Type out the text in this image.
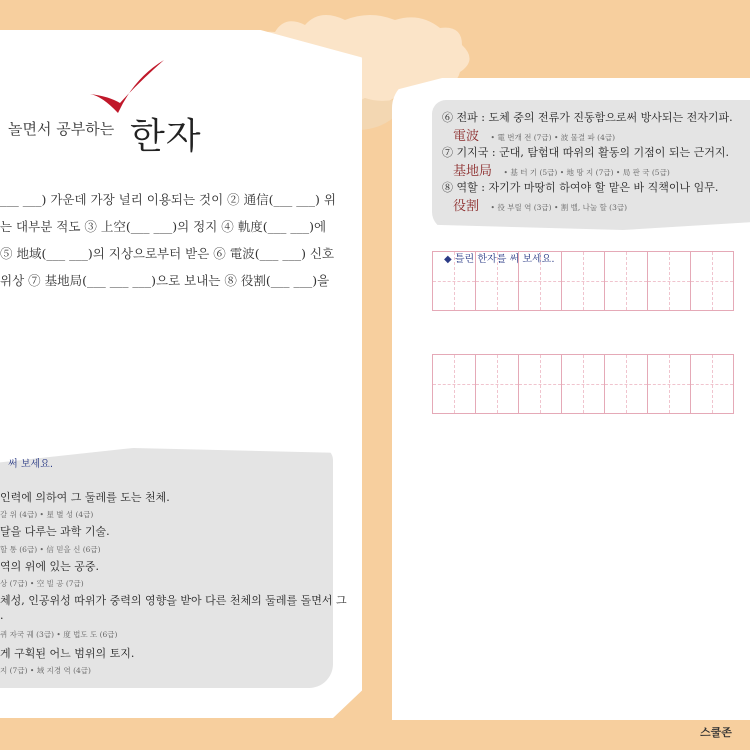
놀면서 공부하는 한자
___ ___) 가운데 가장 널리 이용되는 것이 ② 通信(___ ___) 위
는 대부분 적도 ③ 上空(___ ___)의 정지 ④ 軌度(___ ___)에
⑤ 地域(___ ___)의 지상으로부터 받은 ⑥ 電波(___ ___) 신호
위상 ⑦ 基地局(___ ___ ___)으로 보내는 ⑧ 役割(___ ___)을
써 보세요.
인력에 의하여 그 둘레를 도는 천체.
갈 위 (4급) • 星 별 성 (4급)
달을 다루는 과학 기술.
할 통 (6급) • 信 믿을 신 (6급)
역의 위에 있는 공중.
상 (7급) • 空 빌 공 (7급)
체성, 인공위성 따위가 중력의 영향을 받아 다른 천체의 둘레를 돌면서 그
.
퀴 자국 궤 (3급) • 度 법도 도 (6급)
게 구획된 어느 범위의 토지.
지 (7급) • 域 지경 역 (4급)
⑥ 전파 : 도체 중의 전류가 진동함으로써 방사되는 전자기파.
電波 • 電 번개 전 (7급) • 波 물결 파 (4급)
⑦ 기지국 : 군대, 탐험대 따위의 활동의 기점이 되는 근거지.
基地局 • 基 터 기 (5급) • 地 땅 지 (7급) • 局 판 국 (5급)
⑧ 역할 : 자기가 마땅히 하여야 할 맡은 바 직책이나 임무.
役割 • 役 부릴 역 (3급) • 割 벨, 나눌 할 (3급)
◆ 틀린 한자를 써 보세요.
스쿨존
